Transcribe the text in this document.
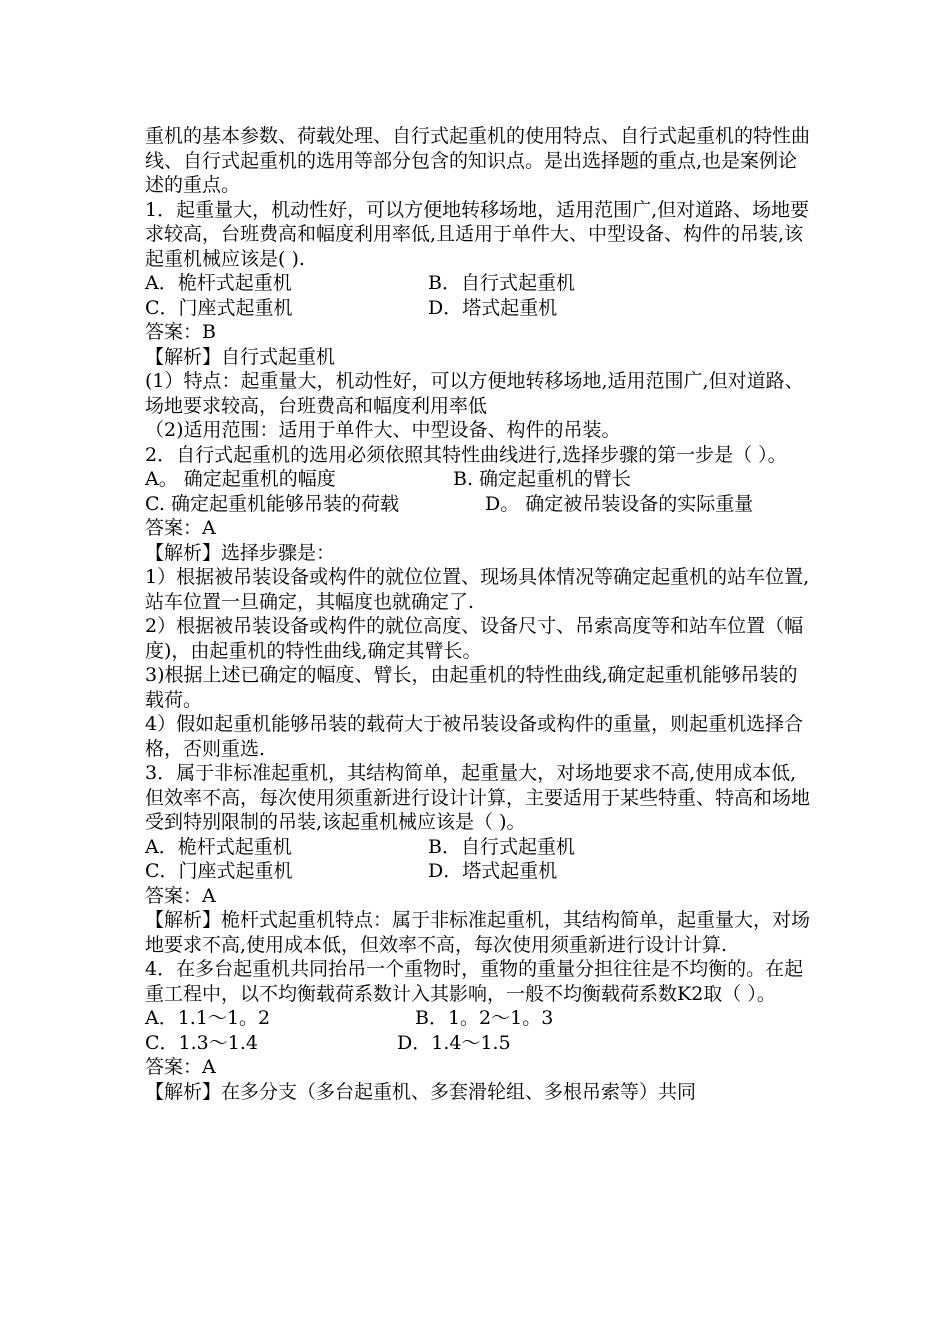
重机的基本参数、荷载处理、自行式起重机的使用特点、自行式起重机的特性曲线、自行式起重机的选用等部分包含的知识点。是出选择题的重点,也是案例论述的重点。

1．起重量大，机动性好，可以方便地转移场地，适用范围广,但对道路、场地要求较高，台班费高和幅度利用率低,且适用于单件大、中型设备、构件的吊装,该起重机械应该是( ).

A．桅杆式起重机	B．自行式起重机
C．门座式起重机	D．塔式起重机

答案：B

【解析】自行式起重机

(1）特点：起重量大，机动性好，可以方便地转移场地,适用范围广,但对道路、场地要求较高，台班费高和幅度利用率低

（2)适用范围：适用于单件大、中型设备、构件的吊装。

2．自行式起重机的选用必须依照其特性曲线进行,选择步骤的第一步是（ ）。

A。 确定起重机的幅度	B. 确定起重机的臂长
C. 确定起重机能够吊装的荷载	D。 确定被吊装设备的实际重量

答案：A

【解析】选择步骤是：

1）根据被吊装设备或构件的就位位置、现场具体情况等确定起重机的站车位置,站车位置一旦确定，其幅度也就确定了.

2）根据被吊装设备或构件的就位高度、设备尺寸、吊索高度等和站车位置（幅度)，由起重机的特性曲线,确定其臂长。

3)根据上述已确定的幅度、臂长，由起重机的特性曲线,确定起重机能够吊装的载荷。

4）假如起重机能够吊装的载荷大于被吊装设备或构件的重量，则起重机选择合格，否则重选.

3．属于非标准起重机，其结构简单，起重量大，对场地要求不高,使用成本低,但效率不高，每次使用须重新进行设计计算，主要适用于某些特重、特高和场地受到特别限制的吊装,该起重机械应该是（ )。

A．桅杆式起重机	B．自行式起重机
C．门座式起重机	D．塔式起重机

答案：A

【解析】桅杆式起重机特点：属于非标准起重机，其结构简单，起重量大，对场地要求不高,使用成本低，但效率不高，每次使用须重新进行设计计算.

4．在多台起重机共同抬吊一个重物时，重物的重量分担往往是不均衡的。在起重工程中，以不均衡载荷系数计入其影响，一般不均衡载荷系数K2取（ ）。

A．1.1～1。2	B．1。2～1。3
C．1.3～1.4	D．1.4～1.5

答案：A

【解析】在多分支（多台起重机、多套滑轮组、多根吊索等）共同
